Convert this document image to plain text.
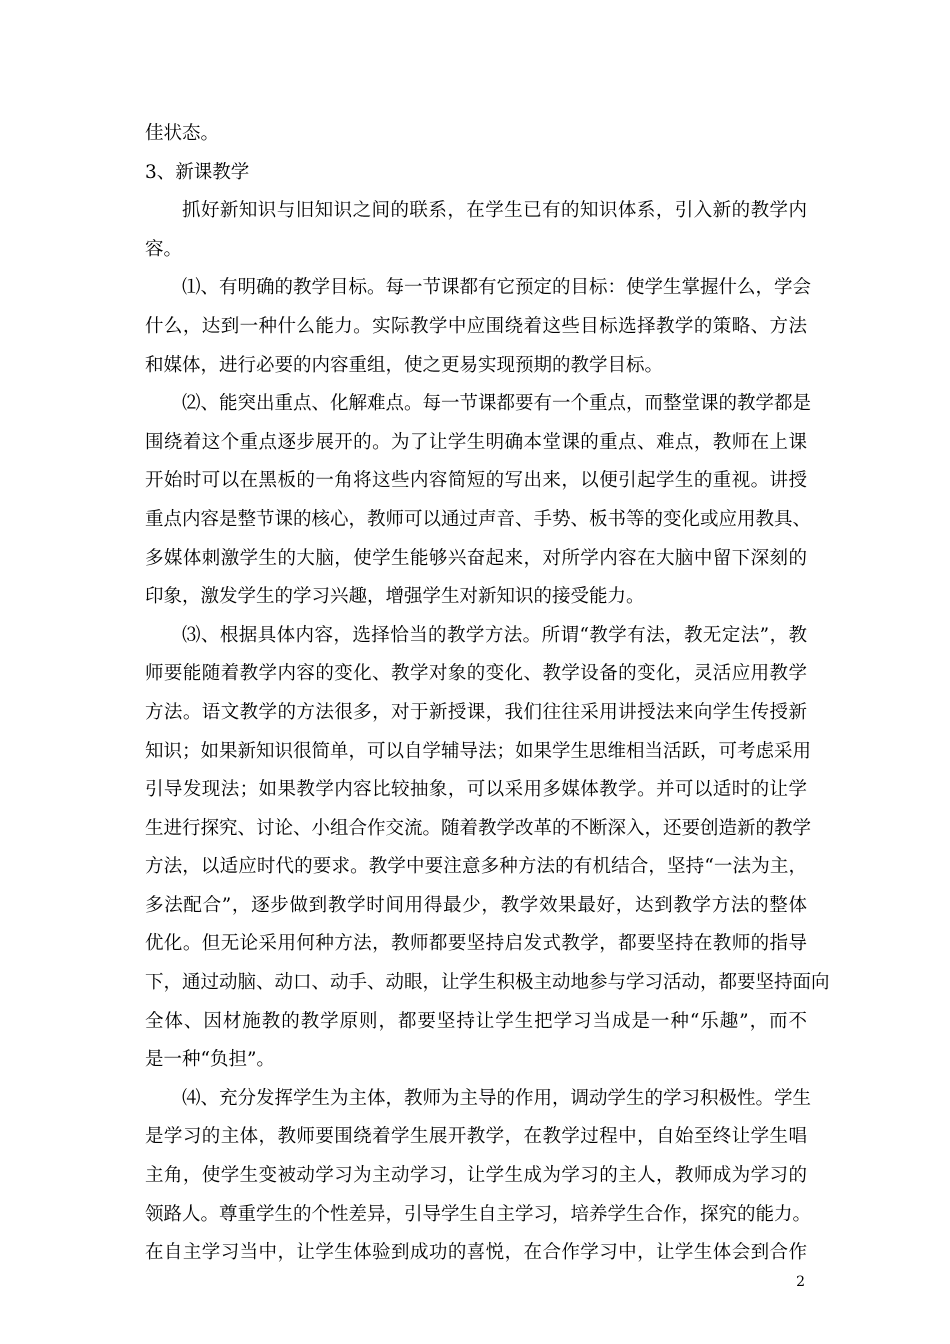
佳状态。
3、新课教学
抓好新知识与旧知识之间的联系，在学生已有的知识体系，引入新的教学内
容。
⑴、有明确的教学目标。每一节课都有它预定的目标：使学生掌握什么，学会
什么，达到一种什么能力。实际教学中应围绕着这些目标选择教学的策略、方法
和媒体，进行必要的内容重组，使之更易实现预期的教学目标。
⑵、能突出重点、化解难点。每一节课都要有一个重点，而整堂课的教学都是
围绕着这个重点逐步展开的。为了让学生明确本堂课的重点、难点，教师在上课
开始时可以在黑板的一角将这些内容简短的写出来，以便引起学生的重视。讲授
重点内容是整节课的核心，教师可以通过声音、手势、板书等的变化或应用教具、
多媒体刺激学生的大脑，使学生能够兴奋起来，对所学内容在大脑中留下深刻的
印象，激发学生的学习兴趣，增强学生对新知识的接受能力。
⑶、根据具体内容，选择恰当的教学方法。所谓“教学有法，教无定法”，教
师要能随着教学内容的变化、教学对象的变化、教学设备的变化，灵活应用教学
方法。语文教学的方法很多，对于新授课，我们往往采用讲授法来向学生传授新
知识；如果新知识很简单，可以自学辅导法；如果学生思维相当活跃，可考虑采用
引导发现法；如果教学内容比较抽象，可以采用多媒体教学。并可以适时的让学
生进行探究、讨论、小组合作交流。随着教学改革的不断深入，还要创造新的教学
方法，以适应时代的要求。教学中要注意多种方法的有机结合，坚持“一法为主，
多法配合”，逐步做到教学时间用得最少，教学效果最好，达到教学方法的整体
优化。但无论采用何种方法，教师都要坚持启发式教学，都要坚持在教师的指导
下，通过动脑、动口、动手、动眼，让学生积极主动地参与学习活动，都要坚持面向
全体、因材施教的教学原则，都要坚持让学生把学习当成是一种“乐趣”，而不
是一种“负担”。
⑷、充分发挥学生为主体，教师为主导的作用，调动学生的学习积极性。学生
是学习的主体，教师要围绕着学生展开教学，在教学过程中，自始至终让学生唱
主角，使学生变被动学习为主动学习，让学生成为学习的主人，教师成为学习的
领路人。尊重学生的个性差异，引导学生自主学习，培养学生合作，探究的能力。
在自主学习当中，让学生体验到成功的喜悦，在合作学习中，让学生体会到合作
2
